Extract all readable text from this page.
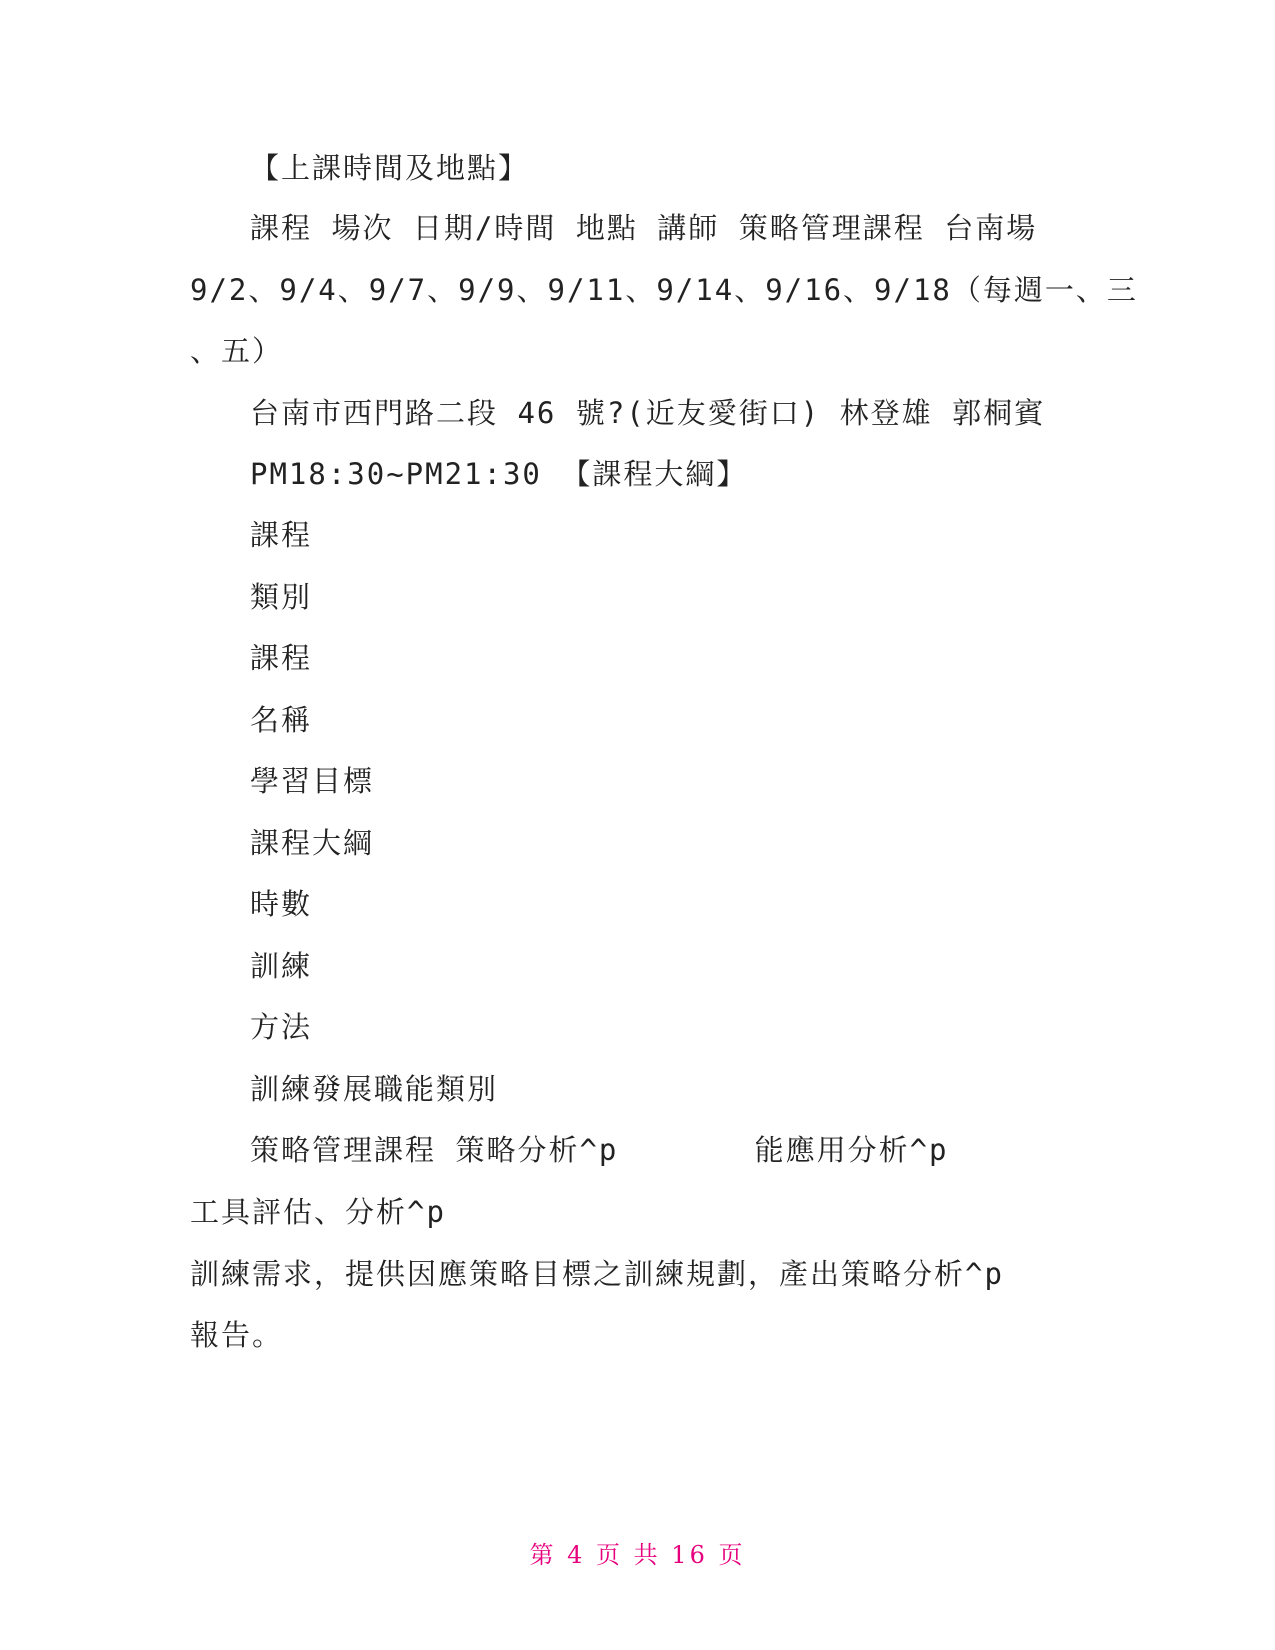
【上課時間及地點】
課程 場次 日期/時間 地點 講師 策略管理課程 台南場
9/2、9/4、9/7、9/9、9/11、9/14、9/16、9/18（每週一、三
、五）
台南市西門路二段 46 號?(近友愛街口) 林登雄 郭桐賓
PM18:30~PM21:30 【課程大綱】
課程
類別
課程
名稱
學習目標
課程大綱
時數
訓練
方法
訓練發展職能類別
策略管理課程 策略分析^p       能應用分析^p
工具評估、分析^p
訓練需求，提供因應策略目標之訓練規劃，產出策略分析^p
報告。
第 4 页 共 16 页
